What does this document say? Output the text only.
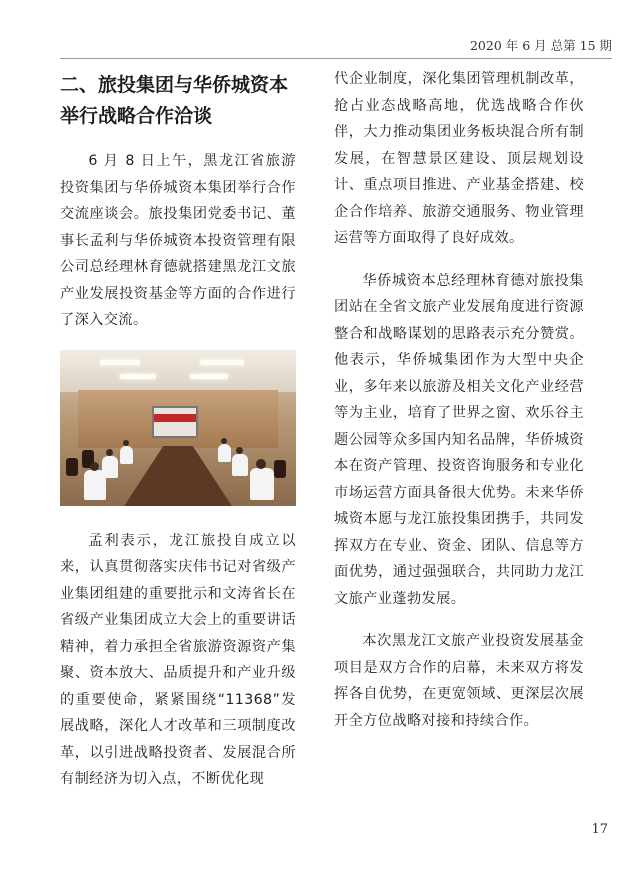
2020 年 6 月 总第 15 期
二、旅投集团与华侨城资本举行战略合作洽谈

6 月 8 日上午，黑龙江省旅游投资集团与华侨城资本集团举行合作交流座谈会。旅投集团党委书记、董事长孟利与华侨城资本投资管理有限公司总经理林育德就搭建黑龙江文旅产业发展投资基金等方面的合作进行了深入交流。

孟利表示，龙江旅投自成立以来，认真贯彻落实庆伟书记对省级产业集团组建的重要批示和文涛省长在省级产业集团成立大会上的重要讲话精神，着力承担全省旅游资源资产集聚、资本放大、品质提升和产业升级的重要使命，紧紧围绕“11368”发展战略，深化人才改革和三项制度改革，以引进战略投资者、发展混合所有制经济为切入点，不断优化现

代企业制度，深化集团管理机制改革，抢占业态战略高地，优选战略合作伙伴，大力推动集团业务板块混合所有制发展，在智慧景区建设、顶层规划设计、重点项目推进、产业基金搭建、校企合作培养、旅游交通服务、物业管理运营等方面取得了良好成效。

华侨城资本总经理林育德对旅投集团站在全省文旅产业发展角度进行资源整合和战略谋划的思路表示充分赞赏。他表示，华侨城集团作为大型中央企业，多年来以旅游及相关文化产业经营等为主业，培育了世界之窗、欢乐谷主题公园等众多国内知名品牌，华侨城资本在资产管理、投资咨询服务和专业化市场运营方面具备很大优势。未来华侨城资本愿与龙江旅投集团携手，共同发挥双方在专业、资金、团队、信息等方面优势，通过强强联合，共同助力龙江文旅产业蓬勃发展。

本次黑龙江文旅产业投资发展基金项目是双方合作的启幕，未来双方将发挥各自优势，在更宽领域、更深层次展开全方位战略对接和持续合作。

17
